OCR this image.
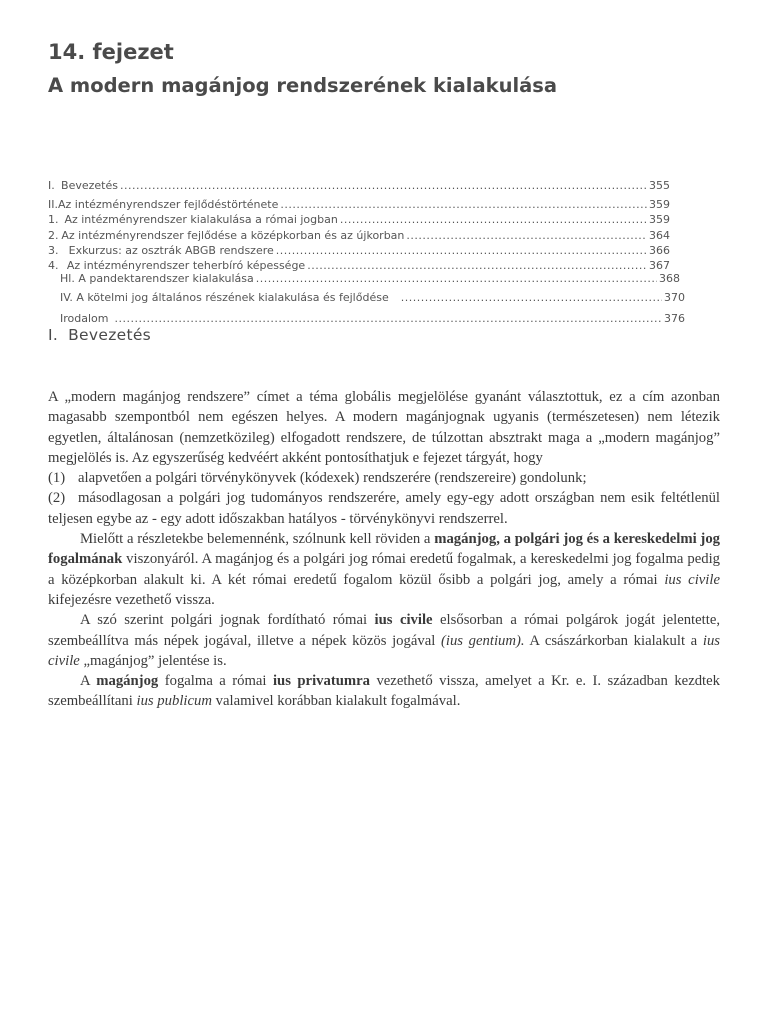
14. fejezet
A modern magánjog rendszerének kialakulása
I. Bevezetés .....	355
II. Az intézményrendszer fejlődéstörténete .....	359
1. Az intézményrendszer kialakulása a római jogban .....	359
2. Az intézményrendszer fejlődése a középkorban és az újkorban .....	364
3. Exkurzus: az osztrák ABGB rendszere .....	366
4. Az intézményrendszer teherbíró képessége .....	367
Hl. A pandektarendszer kialakulása .....	368
IV. A kötelmi jog általános részének kialakulása és fejlődése .....	370
Irodalom .....	376
I. Bevezetés

A „modern magánjog rendszere” címet a téma globális megjelölése gyanánt választottuk, ez a cím azonban magasabb szempontból nem egészen helyes. A modern magánjognak ugyanis (természetesen) nem létezik egyetlen, általánosan (nemzetközileg) elfogadott rendszere, de túlzottan absztrakt maga a „modern magánjog” megjelölés is. Az egyszerűség kedvéért akként pontosíthatjuk e fejezet tárgyát, hogy

(1) alapvetően a polgári törvénykönyvek (kódexek) rendszerére (rendszereire) gondolunk;

(2) másodlagosan a polgári jog tudományos rendszerére, amely egy-egy adott országban nem esik feltétlenül teljesen egybe az - egy adott időszakban hatályos - törvénykönyvi rendszerrel.

Mielőtt a részletekbe belemennénk, szólnunk kell röviden a magánjog, a polgári jog és a kereskedelmi jog fogalmának viszonyáról. A magánjog és a polgári jog római eredetű fogalmak, a kereskedelmi jog fogalma pedig a középkorban alakult ki. A két római eredetű fogalom közül ősibb a polgári jog, amely a római ius civile kifejezésre vezethető vissza.

A szó szerint polgári jognak fordítható római ius civile elsősorban a római polgárok jogát jelentette, szembeállítva más népek jogával, illetve a népek közös jogával (ius gentium). A császárkorban kialakult a ius civile „magánjog” jelentése is.

A magánjog fogalma a római ius privatumra vezethető vissza, amelyet a Kr. e. I. században kezdtek szembeállítani ius publicum valamivel korábban kialakult fogalmával.
